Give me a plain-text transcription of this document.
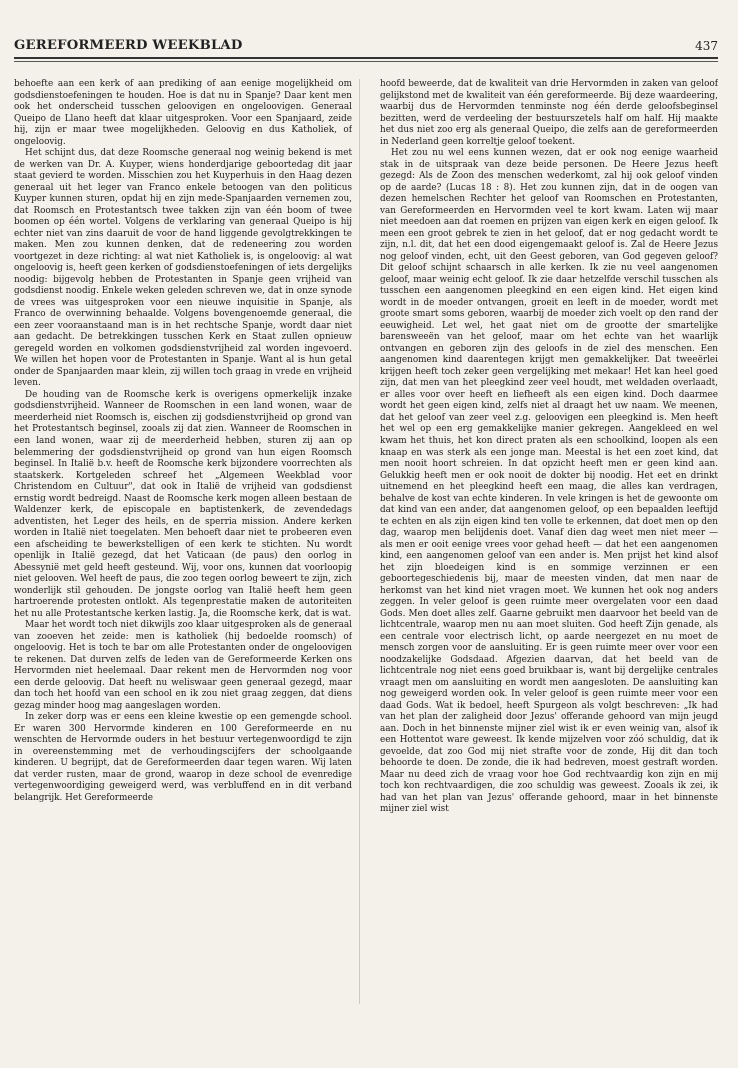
GEREFORMEERD WEEKBLAD	437

behoefte aan een kerk of aan prediking of aan eenige mogelijkheid om godsdienstoefeningen te houden. Hoe is dat nu in Spanje? Daar kent men ook het onderscheid tusschen geloovigen en ongeloovigen. Generaal Queipo de Llano heeft dat klaar uitgesproken. Voor een Spanjaard, zeide hij, zijn er maar twee mogelijkheden. Geloovig en dus Katholiek, of ongeloovig.

Het schijnt dus, dat deze Roomsche generaal nog weinig bekend is met de werken van Dr. A. Kuyper, wiens honderdjarige geboortedag dit jaar staat gevierd te worden. Misschien zou het Kuyperhuis in den Haag dezen generaal uit het leger van Franco enkele betoogen van den politicus Kuyper kunnen sturen, opdat hij en zijn mede-Spanjaarden vernemen zou, dat Roomsch en Protestantsch twee takken zijn van één boom of twee boomen op één wortel. Volgens de verklaring van generaal Queipo is hij echter niet van zins daaruit de voor de hand liggende gevolgtrekkingen te maken. Men zou kunnen denken, dat de redeneering zou worden voortgezet in deze richting: al wat niet Katholiek is, is ongeloovig: al wat ongeloovig is, heeft geen kerken of godsdienstoefeningen of iets dergelijks noodig: bijgevolg hebben de Protestanten in Spanje geen vrijheid van godsdienst noodig. Enkele weken geleden schreven we, dat in onze synode de vrees was uitgesproken voor een nieuwe inquisitie in Spanje, als Franco de overwinning behaalde. Volgens bovengenoemde generaal, die een zeer vooraanstaand man is in het rechtsche Spanje, wordt daar niet aan gedacht. De betrekkingen tusschen Kerk en Staat zullen opnieuw geregeld worden en volkomen godsdienstvrijheid zal worden ingevoerd. We willen het hopen voor de Protestanten in Spanje. Want al is hun getal onder de Spanjaarden maar klein, zij willen toch graag in vrede en vrijheid leven.

De houding van de Roomsche kerk is overigens opmerkelijk inzake godsdienstvrijheid. Wanneer de Roomschen in een land wonen, waar de meerderheid niet Roomsch is, eischen zij godsdienstvrijheid op grond van het Protestantsch beginsel, zooals zij dat zien. Wanneer de Roomschen in een land wonen, waar zij de meerderheid hebben, sturen zij aan op belemmering der godsdienstvrijheid op grond van hun eigen Roomsch beginsel. In Italië b.v. heeft de Roomsche kerk bijzondere voorrechten als staatskerk. Kortgeleden schreef het „Algemeen Weekblad voor Christendom en Cultuur", dat ook in Italië de vrijheid van godsdienst ernstig wordt bedreigd. Naast de Roomsche kerk mogen alleen bestaan de Waldenzer kerk, de episcopale en baptistenkerk, de zevendedags adventisten, het Leger des heils, en de sperria mission. Andere kerken worden in Italië niet toegelaten. Men behoeft daar niet te probeeren even een afscheiding te bewerkstelligen of een kerk te stichten. Nu wordt openlijk in Italië gezegd, dat het Vaticaan (de paus) den oorlog in Abessynië met geld heeft gesteund. Wij, voor ons, kunnen dat voorloopig niet gelooven. Wel heeft de paus, die zoo tegen oorlog beweert te zijn, zich wonderlijk stil gehouden. De jongste oorlog van Italië heeft hem geen hartroerende protesten ontlokt. Als tegenprestatie maken de autoriteiten het nu alle Protestantsche kerken lastig. Ja, die Roomsche kerk, dat is wat.

Maar het wordt toch niet dikwijls zoo klaar uitgesproken als de generaal van zooeven het zeide: men is katholiek (hij bedoelde roomsch) of ongeloovig. Het is toch te bar om alle Protestanten onder de ongeloovigen te rekenen. Dat durven zelfs de leden van de Gereformeerde Kerken ons Hervormden niet heelemaal. Daar rekent men de Hervormden nog voor een derde geloovig. Dat heeft nu weliswaar geen generaal gezegd, maar dan toch het hoofd van een school en ik zou niet graag zeggen, dat diens gezag minder hoog mag aangeslagen worden.

In zeker dorp was er eens een kleine kwestie op een gemengde school. Er waren 300 Hervormde kinderen en 100 Gereformeerde en nu wenschten de Hervormde ouders in het bestuur vertegenwoordigd te zijn in overeenstemming met de verhoudingscijfers der schoolgaande kinderen. U begrijpt, dat de Gereformeerden daar tegen waren. Wij laten dat verder rusten, maar de grond, waarop in deze school de evenredige vertegenwoordiging geweigerd werd, was verbluffend en in dit verband belangrijk. Het Gereformeerde

hoofd beweerde, dat de kwaliteit van drie Hervormden in zaken van geloof gelijkstond met de kwaliteit van één gereformeerde. Bij deze waardeering, waarbij dus de Hervormden tenminste nog één derde geloofsbeginsel bezitten, werd de verdeeling der bestuurszetels half om half. Hij maakte het dus niet zoo erg als generaal Queipo, die zelfs aan de gereformeerden in Nederland geen korreltje geloof toekent.

Het zou nu wel eens kunnen wezen, dat er ook nog eenige waarheid stak in de uitspraak van deze beide personen. De Heere Jezus heeft gezegd: Als de Zoon des menschen wederkomt, zal hij ook geloof vinden op de aarde? (Lucas 18 : 8). Het zou kunnen zijn, dat in de oogen van dezen hemelschen Rechter het geloof van Roomschen en Protestanten, van Gereformeerden en Hervormden veel te kort kwam. Laten wij maar niet meedoen aan dat roemen en prijzen van eigen kerk en eigen geloof. Ik meen een groot gebrek te zien in het geloof, dat er nog gedacht wordt te zijn, n.l. dit, dat het een dood eigengemaakt geloof is. Zal de Heere Jezus nog geloof vinden, echt, uit den Geest geboren, van God gegeven geloof? Dit geloof schijnt schaarsch in alle kerken. Ik zie nu veel aangenomen geloof, maar weinig echt geloof. Ik zie daar hetzelfde verschil tusschen als tusschen een aangenomen pleegkind en een eigen kind. Het eigen kind wordt in de moeder ontvangen, groeit en leeft in de moeder, wordt met groote smart soms geboren, waarbij de moeder zich voelt op den rand der eeuwigheid. Let wel, het gaat niet om de grootte der smartelijke barensweeën van het geloof, maar om het echte van het waarlijk ontvangen en geboren zijn des geloofs in de ziel des menschen. Een aangenomen kind daarentegen krijgt men gemakkelijker. Dat tweeërlei krijgen heeft toch zeker geen vergelijking met mekaar! Het kan heel goed zijn, dat men van het pleegkind zeer veel houdt, met weldaden overlaadt, er alles voor over heeft en liefheeft als een eigen kind. Doch daarmee wordt het geen eigen kind, zelfs niet al draagt het uw naam. We meenen, dat het geloof van zeer veel z.g. geloovigen een pleegkind is. Men heeft het wel op een erg gemakkelijke manier gekregen. Aangekleed en wel kwam het thuis, het kon direct praten als een schoolkind, loopen als een knaap en was sterk als een jonge man. Meestal is het een zoet kind, dat men nooit hoort schreien. In dat opzicht heeft men er geen kind aan. Gelukkig heeft men er ook nooit de dokter bij noodig. Het eet en drinkt uitnemend en het pleegkind heeft een maag, die alles kan verdragen, behalve de kost van echte kinderen. In vele kringen is het de gewoonte om dat kind van een ander, dat aangenomen geloof, op een bepaalden leeftijd te echten en als zijn eigen kind ten volle te erkennen, dat doet men op den dag, waarop men belijdenis doet. Vanaf dien dag weet men niet meer — als men er ooit eenige vrees voor gehad heeft — dat het een aangenomen kind, een aangenomen geloof van een ander is. Men prijst het kind alsof het zijn bloedeigen kind is en sommige verzinnen er een geboortegeschiedenis bij, maar de meesten vinden, dat men naar de herkomst van het kind niet vragen moet. We kunnen het ook nog anders zeggen. In veler geloof is geen ruimte meer overgelaten voor een daad Gods. Men doet alles zelf. Gaarne gebruikt men daarvoor het beeld van de lichtcentrale, waarop men nu aan moet sluiten. God heeft Zijn genade, als een centrale voor electrisch licht, op aarde neergezet en nu moet de mensch zorgen voor de aansluiting. Er is geen ruimte meer over voor een noodzakelijke Godsdaad. Afgezien daarvan, dat het beeld van de lichtcentrale nog niet eens goed bruikbaar is, want bij dergelijke centrales vraagt men om aansluiting en wordt men aangesloten. De aansluiting kan nog geweigerd worden ook. In veler geloof is geen ruimte meer voor een daad Gods. Wat ik bedoel, heeft Spurgeon als volgt beschreven: „Ik had van het plan der zaligheid door Jezus' offerande gehoord van mijn jeugd aan. Doch in het binnenste mijner ziel wist ik er even weinig van, alsof ik een Hottentot ware geweest. Ik kende mijzelven voor zóó schuldig, dat ik gevoelde, dat zoo God mij niet strafte voor de zonde, Hij dit dan toch behoorde te doen. De zonde, die ik had bedreven, moest gestraft worden. Maar nu deed zich de vraag voor hoe God rechtvaardig kon zijn en mij toch kon rechtvaardigen, die zoo schuldig was geweest. Zooals ik zei, ik had van het plan van Jezus' offerande gehoord, maar in het binnenste mijner ziel wist
